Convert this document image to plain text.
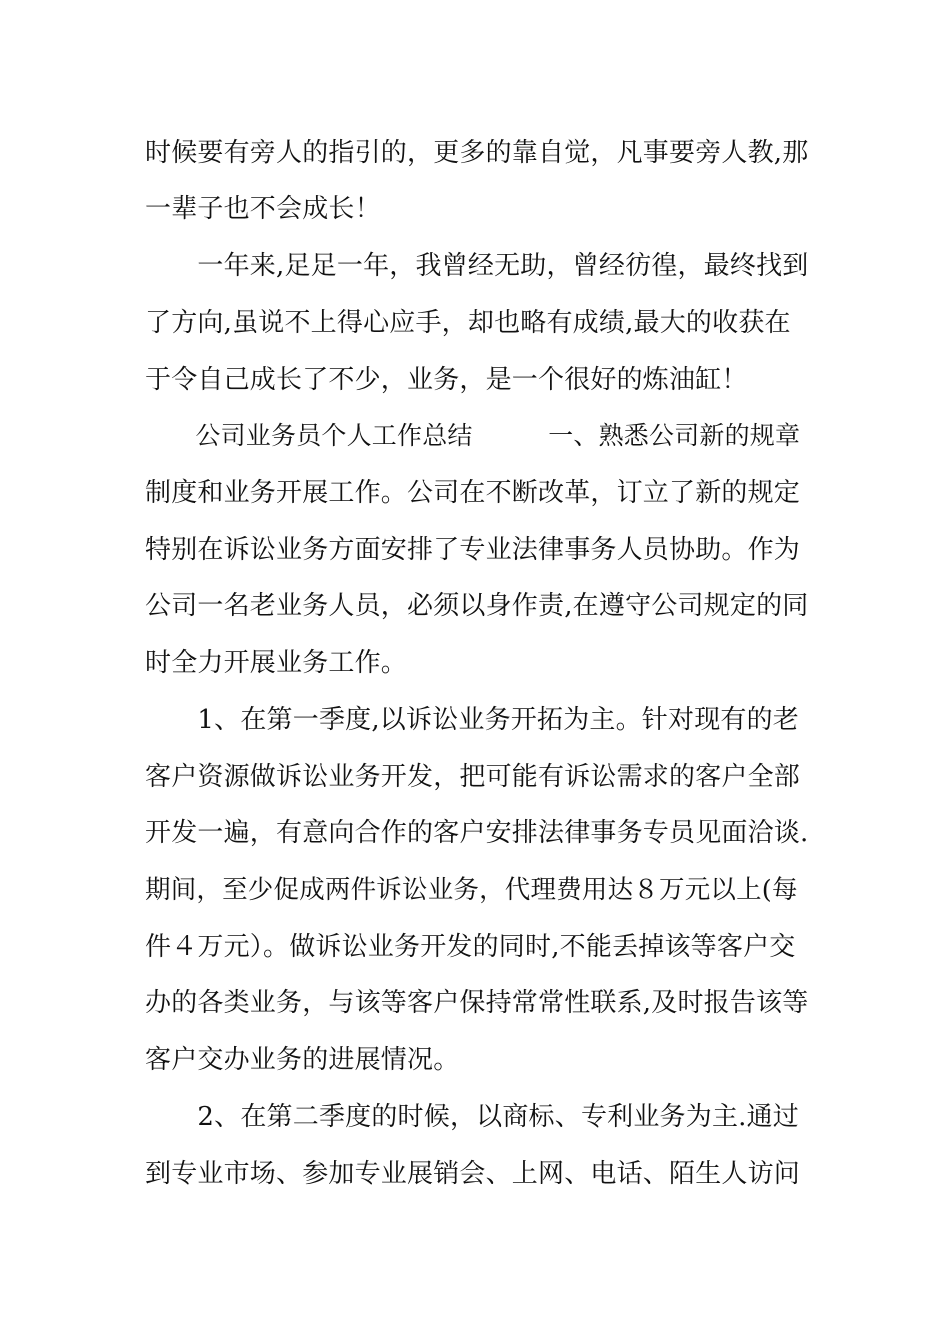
时候要有旁人的指引的，更多的靠自觉，凡事要旁人教,那
一辈子也不会成长！
　　一年来,足足一年，我曾经无助，曾经彷徨，最终找到
了方向,虽说不上得心应手，却也略有成绩,最大的收获在
于令自己成长了不少，业务，是一个很好的炼油缸！
　　公司业务员个人工作总结　　　一、熟悉公司新的规章
制度和业务开展工作。公司在不断改革，订立了新的规定
特别在诉讼业务方面安排了专业法律事务人员协助。作为
公司一名老业务人员，必须以身作责,在遵守公司规定的同
时全力开展业务工作。
　　1、在第一季度,以诉讼业务开拓为主。针对现有的老
客户资源做诉讼业务开发，把可能有诉讼需求的客户全部
开发一遍，有意向合作的客户安排法律事务专员见面洽谈.
期间，至少促成两件诉讼业务，代理费用达８万元以上(每
件４万元）。做诉讼业务开发的同时,不能丢掉该等客户交
办的各类业务，与该等客户保持常常性联系,及时报告该等
客户交办业务的进展情况。
　　2、在第二季度的时候，以商标、专利业务为主.通过
到专业市场、参加专业展销会、上网、电话、陌生人访问
